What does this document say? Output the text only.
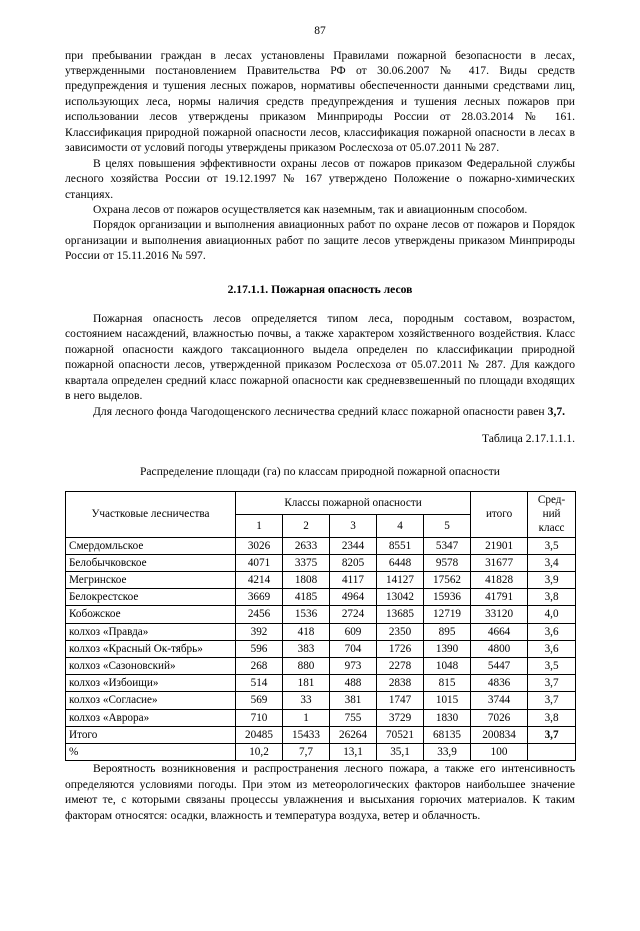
87

при пребывании граждан в лесах установлены Правилами пожарной безопасности в лесах, утвержденными постановлением Правительства РФ от 30.06.2007 № 417. Виды средств предупреждения и тушения лесных пожаров, нормативы обеспеченности данными средствами лиц, использующих леса, нормы наличия средств предупреждения и тушения лесных пожаров при использовании лесов утверждены приказом Минприроды России от 28.03.2014 № 161. Классификация природной пожарной опасности лесов, классификация пожарной опасности в лесах в зависимости от условий погоды утверждены приказом Рослесхоза от 05.07.2011 № 287.

В целях повышения эффективности охраны лесов от пожаров приказом Федеральной службы лесного хозяйства России от 19.12.1997 № 167 утверждено Положение о пожарно-химических станциях.

Охрана лесов от пожаров осуществляется как наземным, так и авиационным способом.

Порядок организации и выполнения авиационных работ по охране лесов от пожаров и Порядок организации и выполнения авиационных работ по защите лесов утверждены приказом Минприроды России от 15.11.2016 № 597.

2.17.1.1. Пожарная опасность лесов

Пожарная опасность лесов определяется типом леса, породным составом, возрастом, состоянием насаждений, влажностью почвы, а также характером хозяйственного воздействия. Класс пожарной опасности каждого таксационного выдела определен по классификации природной пожарной опасности лесов, утвержденной приказом Рослесхоза от 05.07.2011 № 287. Для каждого квартала определен средний класс пожарной опасности как средневзвешенный по площади входящих в него выделов.

Для лесного фонда Чагодощенского лесничества средний класс пожарной опасности равен 3,7.

Таблица 2.17.1.1.1.

Распределение площади (га) по классам природной пожарной опасности

Участковые лесничества	Классы пожарной опасности					итого	Сред-
ний
класс
	1	2	3	4	5		
Смердомльское	3026	2633	2344	8551	5347	21901	3,5
Белобычковское	4071	3375	8205	6448	9578	31677	3,4
Мегринское	4214	1808	4117	14127	17562	41828	3,9
Белокрестское	3669	4185	4964	13042	15936	41791	3,8
Кобожское	2456	1536	2724	13685	12719	33120	4,0
колхоз «Правда»	392	418	609	2350	895	4664	3,6
колхоз «Красный Ок-тябрь»	596	383	704	1726	1390	4800	3,6
колхоз «Сазоновский»	268	880	973	2278	1048	5447	3,5
колхоз «Избоищи»	514	181	488	2838	815	4836	3,7
колхоз «Согласие»	569	33	381	1747	1015	3744	3,7
колхоз «Аврора»	710	1	755	3729	1830	7026	3,8
Итого	20485	15433	26264	70521	68135	200834	3,7
%	10,2	7,7	13,1	35,1	33,9	100	

Вероятность возникновения и распространения лесного пожара, а также его интенсивность определяются условиями погоды. При этом из метеорологических факторов наибольшее значение имеют те, с которыми связаны процессы увлажнения и высыхания горючих материалов. К таким факторам относятся: осадки, влажность и температура воздуха, ветер и облачность.
